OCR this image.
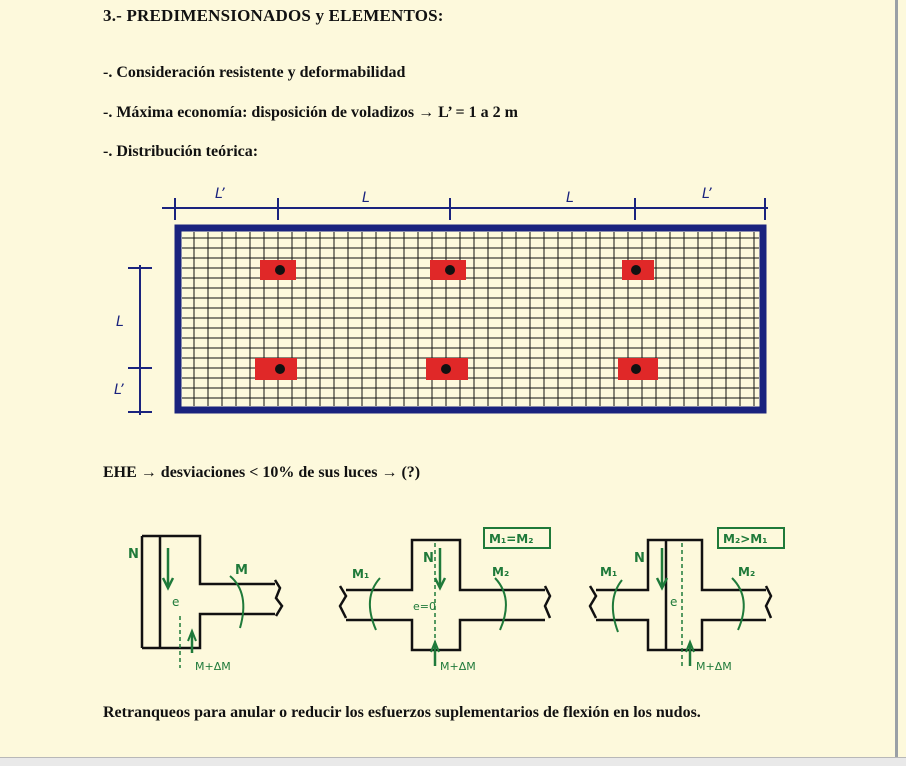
3.- PREDIMENSIONADOS y ELEMENTOS:
-. Consideración resistente y deformabilidad
-. Máxima economía: disposición de voladizos → L’ = 1 a 2 m
-. Distribución teórica:
L’	L	L	L’
L
L’
EHE → desviaciones < 10% de sus luces → (?)
N
M
e
M+ΔM
M₁=M₂
N
M₁	M₂
e=0
M+ΔM
M₂>M₁
N
M₁	M₂
e
M+ΔM
Retranqueos para anular o reducir los esfuerzos suplementarios de flexión en los nudos.
